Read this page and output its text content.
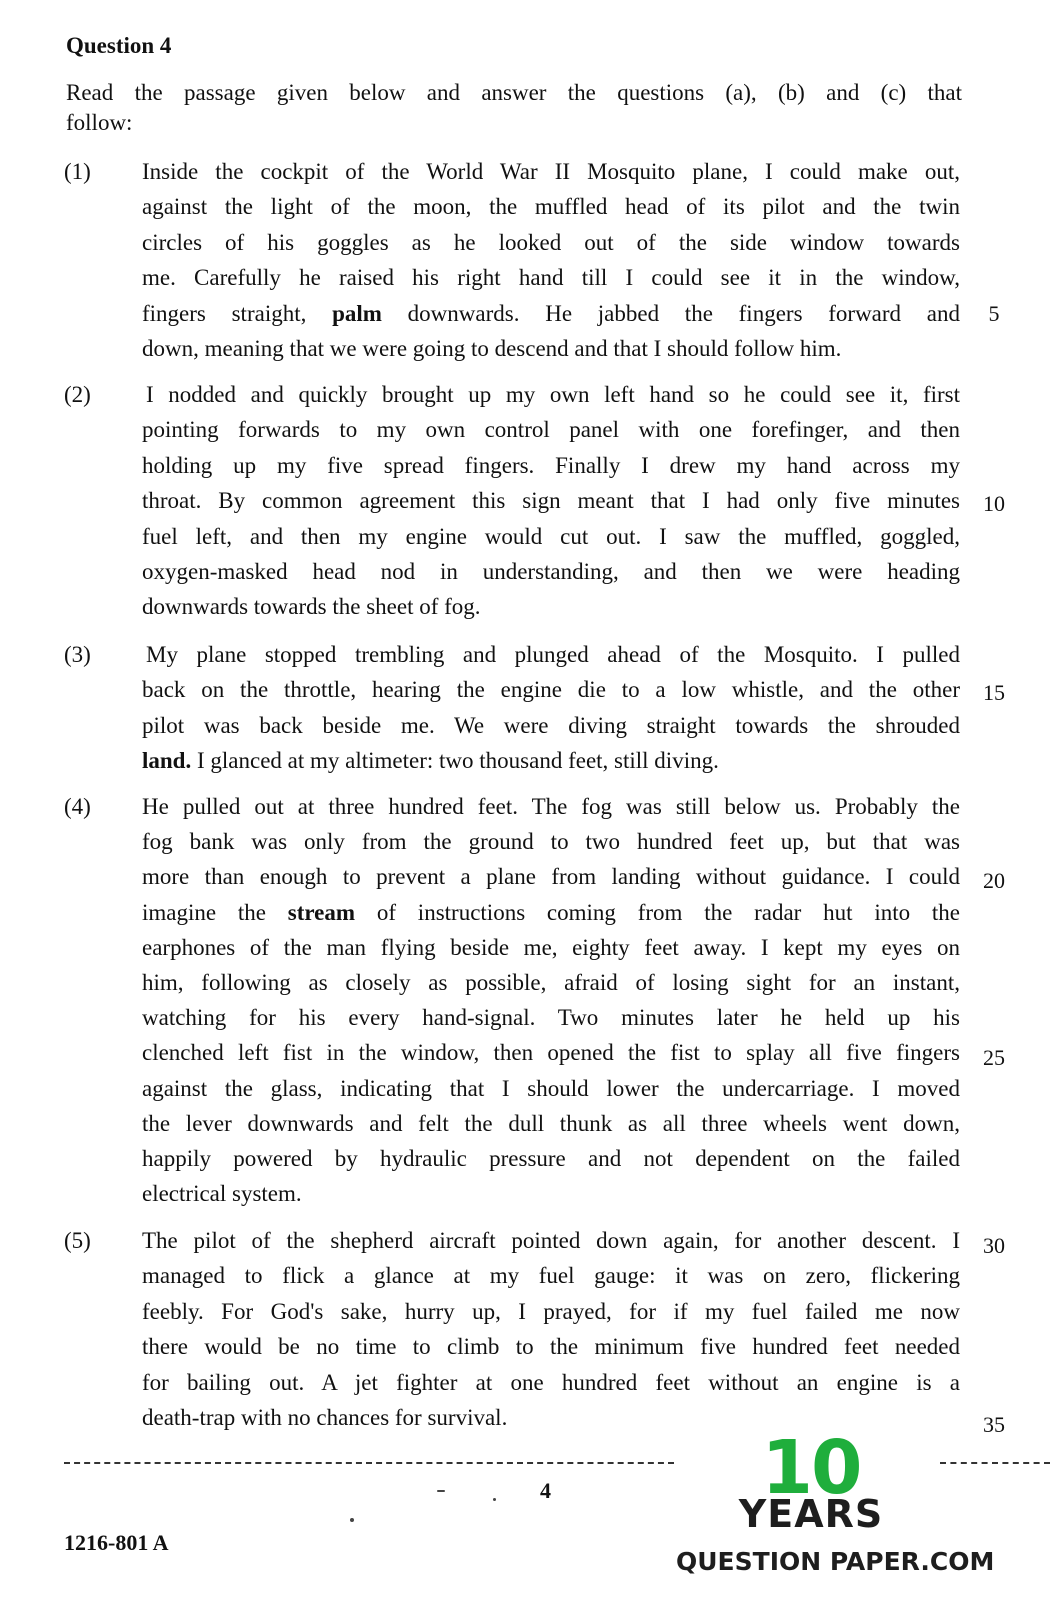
Question 4
Read the passage given below and answer the questions (a), (b) and (c) that
follow:
(1) Inside the cockpit of the World War II Mosquito plane, I could make out,
against the light of the moon, the muffled head of its pilot and the twin
circles of his goggles as he looked out of the side window towards
me. Carefully he raised his right hand till I could see it in the window,
fingers straight, palm downwards. He jabbed the fingers forward and
down, meaning that we were going to descend and that I should follow him.
(2) I nodded and quickly brought up my own left hand so he could see it, first
pointing forwards to my own control panel with one forefinger, and then
holding up my five spread fingers. Finally I drew my hand across my
throat. By common agreement this sign meant that I had only five minutes
fuel left, and then my engine would cut out. I saw the muffled, goggled,
oxygen-masked head nod in understanding, and then we were heading
downwards towards the sheet of fog.
(3) My plane stopped trembling and plunged ahead of the Mosquito. I pulled
back on the throttle, hearing the engine die to a low whistle, and the other
pilot was back beside me. We were diving straight towards the shrouded
land. I glanced at my altimeter: two thousand feet, still diving.
(4) He pulled out at three hundred feet. The fog was still below us. Probably the
fog bank was only from the ground to two hundred feet up, but that was
more than enough to prevent a plane from landing without guidance. I could
imagine the stream of instructions coming from the radar hut into the
earphones of the man flying beside me, eighty feet away. I kept my eyes on
him, following as closely as possible, afraid of losing sight for an instant,
watching for his every hand-signal. Two minutes later he held up his
clenched left fist in the window, then opened the fist to splay all five fingers
against the glass, indicating that I should lower the undercarriage. I moved
the lever downwards and felt the dull thunk as all three wheels went down,
happily powered by hydraulic pressure and not dependent on the failed
electrical system.
(5) The pilot of the shepherd aircraft pointed down again, for another descent. I
managed to flick a glance at my fuel gauge: it was on zero, flickering
feebly. For God's sake, hurry up, I prayed, for if my fuel failed me now
there would be no time to climb to the minimum five hundred feet needed
for bailing out. A jet fighter at one hundred feet without an engine is a
death-trap with no chances for survival.
5
10
15
20
25
30
35
4
1216-801 A
10
YEARS
QUESTION PAPER.COM
